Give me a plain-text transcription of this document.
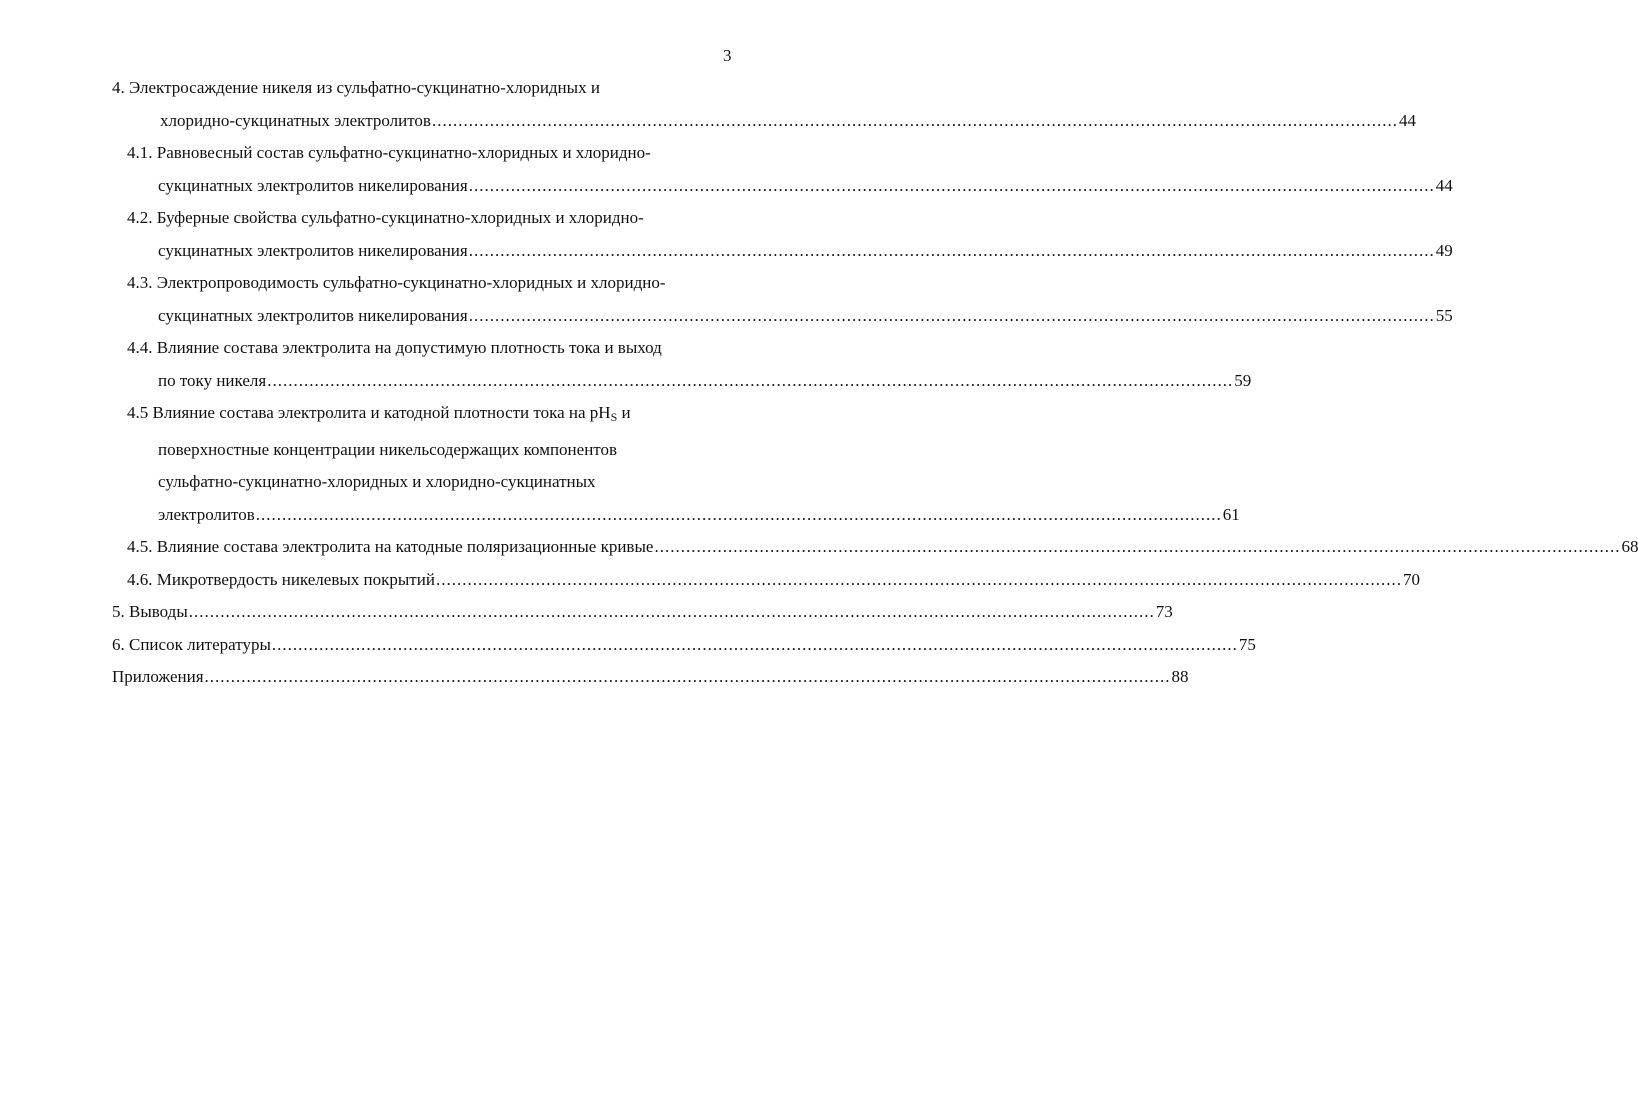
3
4. Электросаждение никеля из сульфатно-сукцинатно-хлоридных и
хлоридно-сукцинатных электролитов ........................................................................................................................................................................................ 44
4.1. Равновесный состав сульфатно-сукцинатно-хлоридных и хлоридно-
сукцинатных электролитов никелирования ........................................................................................................................................................................................ 44
4.2. Буферные свойства сульфатно-сукцинатно-хлоридных и хлоридно-
сукцинатных электролитов никелирования ........................................................................................................................................................................................ 49
4.3. Электропроводимость сульфатно-сукцинатно-хлоридных и хлоридно-
сукцинатных электролитов никелирования ........................................................................................................................................................................................ 55
4.4. Влияние состава электролита на допустимую плотность тока и выход
по току никеля ........................................................................................................................................................................................ 59
4.5 Влияние состава электролита и катодной плотности тока на $pH_S$ и
поверхностные концентрации никельсодержащих компонентов
сульфатно-сукцинатно-хлоридных и хлоридно-сукцинатных
электролитов ........................................................................................................................................................................................ 61
4.5. Влияние состава электролита на катодные поляризационные кривые ........................................................................................................................................................................................ 68
4.6. Микротвердость никелевых покрытий ........................................................................................................................................................................................ 70
5. Выводы ........................................................................................................................................................................................ 73
6. Список литературы ........................................................................................................................................................................................ 75
Приложения ........................................................................................................................................................................................ 88
